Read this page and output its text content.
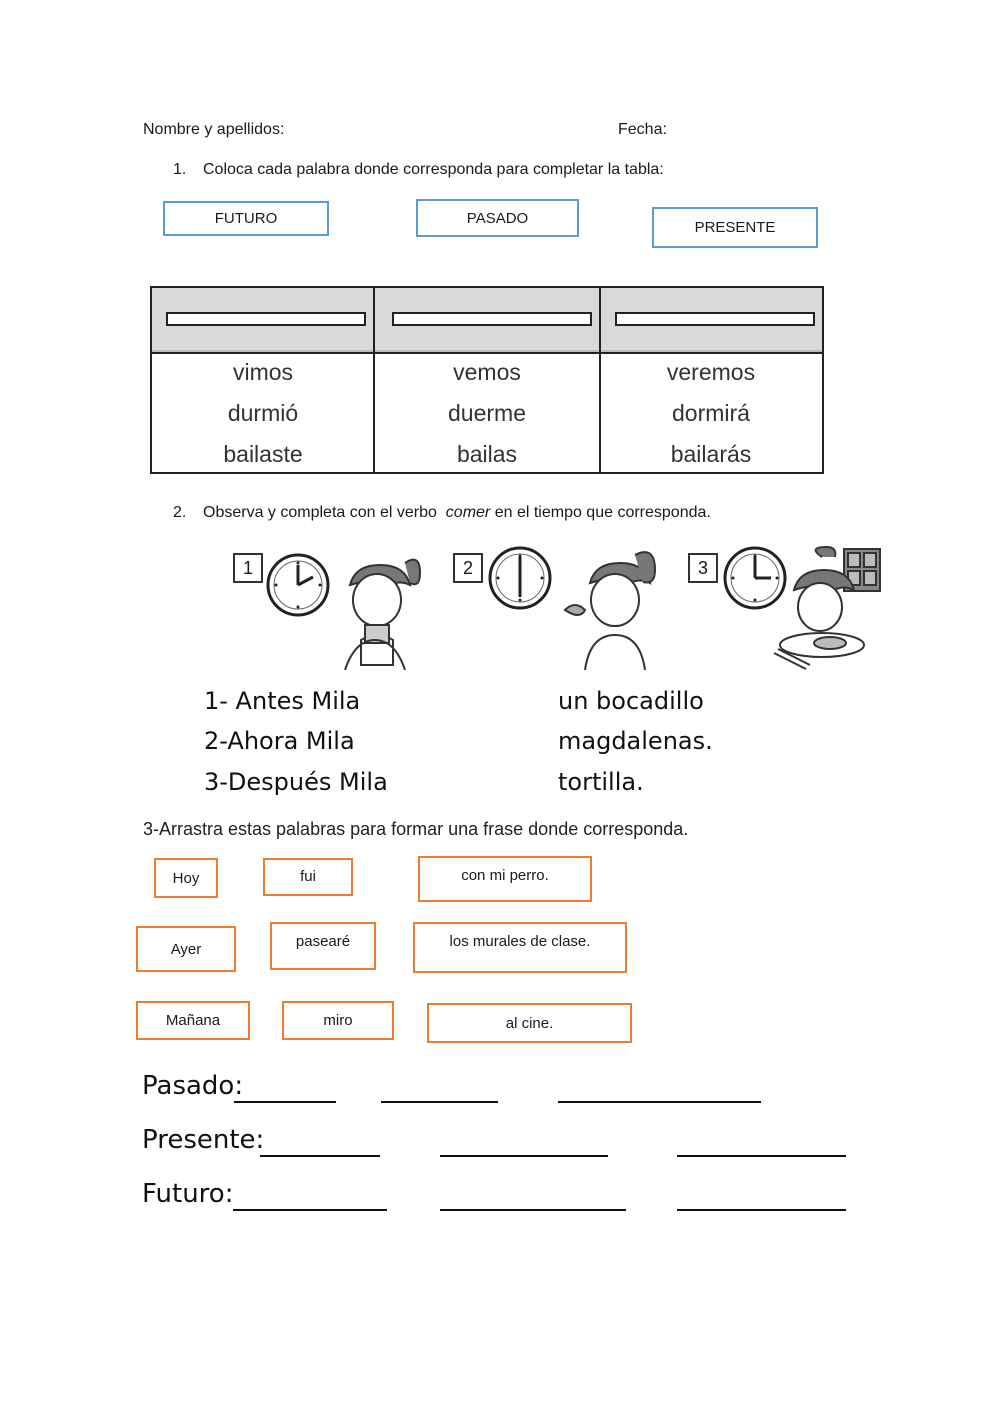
Nombre y apellidos:	Fecha:
1. Coloca cada palabra donde corresponda para completar la tabla:
FUTURO	PASADO
PRESENTE
vimos	vemos	veremos
durmió	duerme	dormirá
bailaste	bailas	bailarás
2. Observa y completa con el verbo  comer en el tiempo que corresponda.
1	2	3
1- Antes Mila	un bocadillo
2-Ahora Mila	magdalenas.
3-Después Mila	tortilla.
3-Arrastra estas palabras para formar una frase donde corresponda.
Hoy	fui	con mi perro.
Ayer	pasearé	los murales de clase.
Mañana	miro	al cine.
Pasado:
Presente:
Futuro:
